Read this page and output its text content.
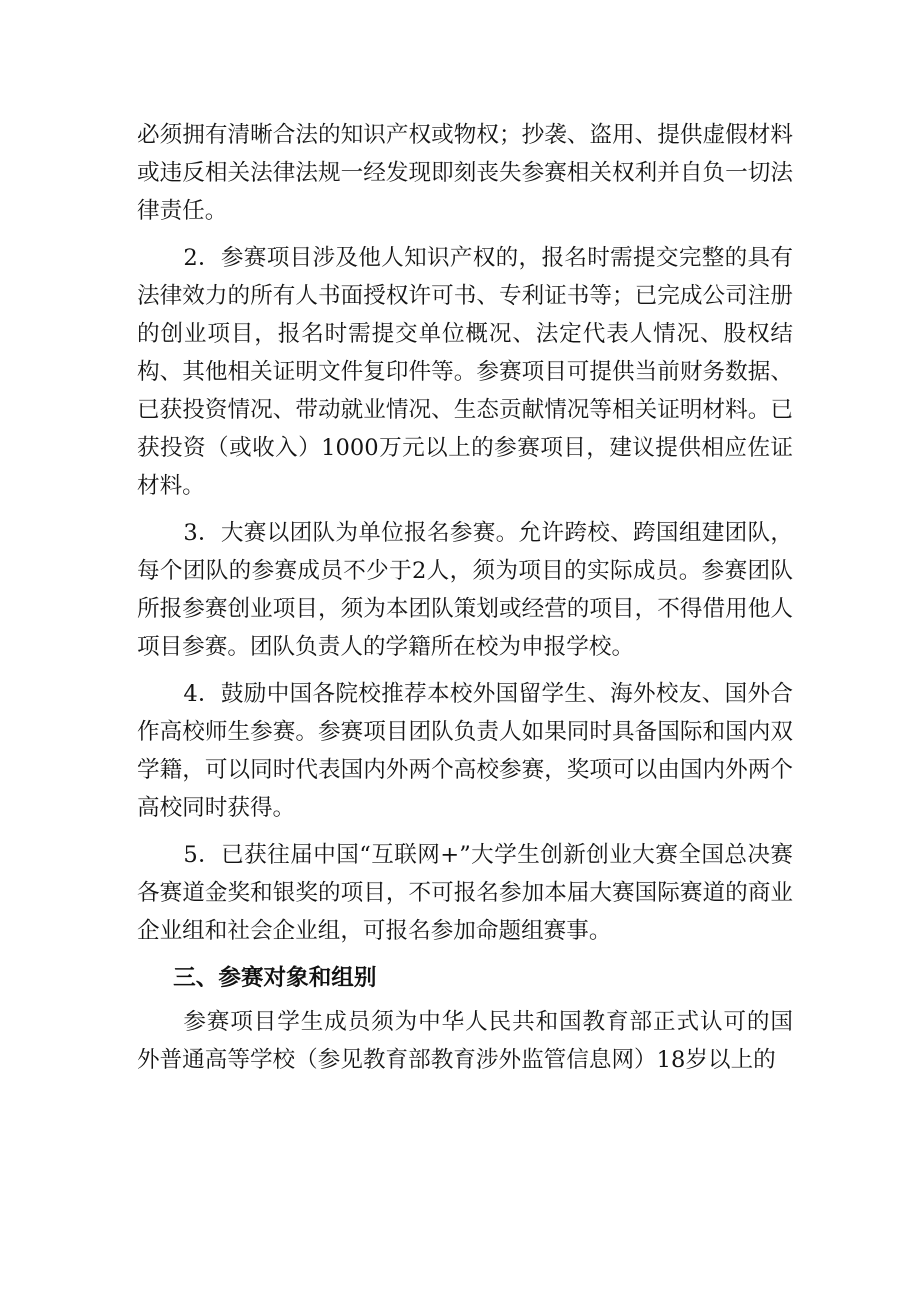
必须拥有清晰合法的知识产权或物权；抄袭、盗用、提供虚假材料或违反相关法律法规一经发现即刻丧失参赛相关权利并自负一切法律责任。

2．参赛项目涉及他人知识产权的，报名时需提交完整的具有法律效力的所有人书面授权许可书、专利证书等；已完成公司注册的创业项目，报名时需提交单位概况、法定代表人情况、股权结构、其他相关证明文件复印件等。参赛项目可提供当前财务数据、已获投资情况、带动就业情况、生态贡献情况等相关证明材料。已获投资（或收入）1000万元以上的参赛项目，建议提供相应佐证材料。

3．大赛以团队为单位报名参赛。允许跨校、跨国组建团队，每个团队的参赛成员不少于2人，须为项目的实际成员。参赛团队所报参赛创业项目，须为本团队策划或经营的项目，不得借用他人项目参赛。团队负责人的学籍所在校为申报学校。

4．鼓励中国各院校推荐本校外国留学生、海外校友、国外合作高校师生参赛。参赛项目团队负责人如果同时具备国际和国内双学籍，可以同时代表国内外两个高校参赛，奖项可以由国内外两个高校同时获得。

5．已获往届中国“互联网+”大学生创新创业大赛全国总决赛各赛道金奖和银奖的项目，不可报名参加本届大赛国际赛道的商业企业组和社会企业组，可报名参加命题组赛事。

三、参赛对象和组别

参赛项目学生成员须为中华人民共和国教育部正式认可的国外普通高等学校（参见教育部教育涉外监管信息网）18岁以上的
